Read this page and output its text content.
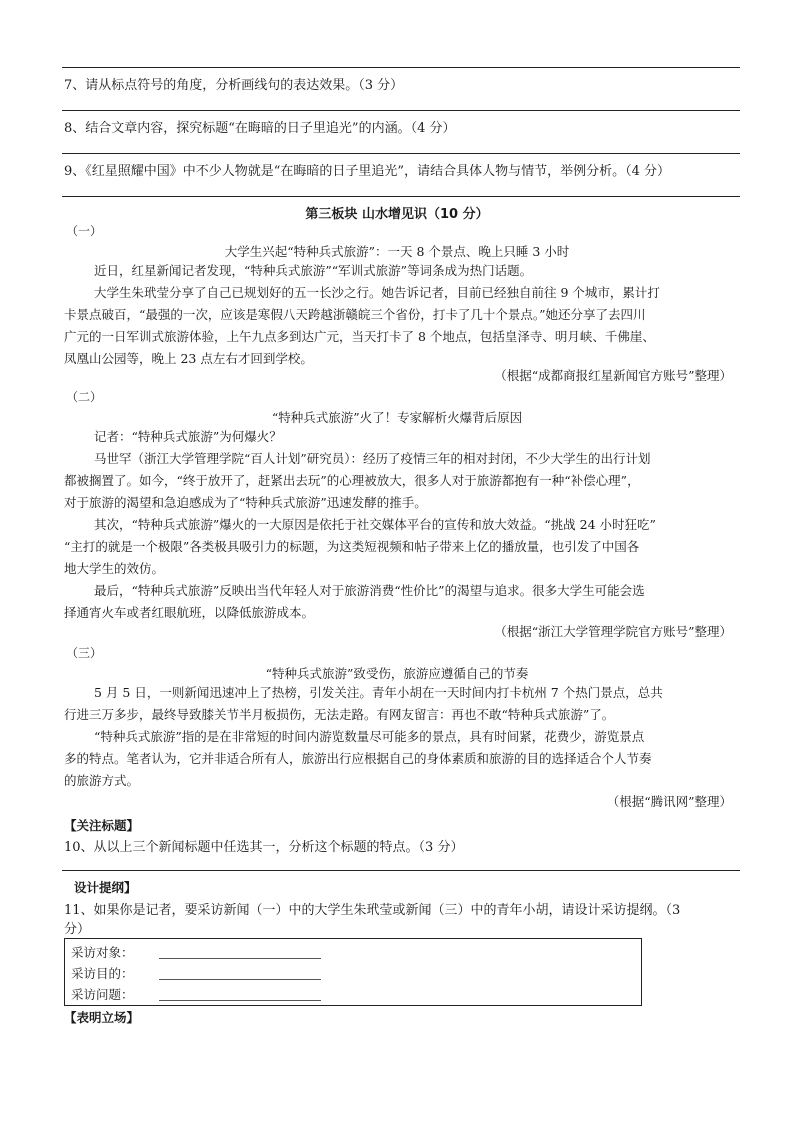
7、请从标点符号的角度，分析画线句的表达效果。（3 分）
8、结合文章内容，探究标题“在晦暗的日子里追光”的内涵。（4 分）
9、《红星照耀中国》中不少人物就是“在晦暗的日子里追光”，请结合具体人物与情节，举例分析。（4 分）
第三板块 山水增见识（10 分）
（一）
大学生兴起“特种兵式旅游”：一天 8 个景点、晚上只睡 3 小时
近日，红星新闻记者发现，“特种兵式旅游”“军训式旅游”等词条成为热门话题。
大学生朱玳莹分享了自己已规划好的五一长沙之行。她告诉记者，目前已经独自前往 9 个城市，累计打
卡景点破百，“最强的一次，应该是寒假八天跨越浙赣皖三个省份，打卡了几十个景点。”她还分享了去四川
广元的一日军训式旅游体验，上午九点多到达广元，当天打卡了 8 个地点，包括皇泽寺、明月峡、千佛崖、
凤凰山公园等，晚上 23 点左右才回到学校。
（根据“成都商报红星新闻官方账号”整理）
（二）
“特种兵式旅游”火了！专家解析火爆背后原因
记者：“特种兵式旅游”为何爆火？
马世罕（浙江大学管理学院“百人计划”研究员）：经历了疫情三年的相对封闭，不少大学生的出行计划
都被搁置了。如今，“终于放开了，赶紧出去玩”的心理被放大，很多人对于旅游都抱有一种“补偿心理”，
对于旅游的渴望和急迫感成为了“特种兵式旅游”迅速发酵的推手。
其次，“特种兵式旅游”爆火的一大原因是依托于社交媒体平台的宣传和放大效益。“挑战 24 小时狂吃”
“主打的就是一个极限”各类极具吸引力的标题，为这类短视频和帖子带来上亿的播放量，也引发了中国各
地大学生的效仿。
最后，“特种兵式旅游”反映出当代年轻人对于旅游消费“性价比”的渴望与追求。很多大学生可能会选
择通宵火车或者红眼航班，以降低旅游成本。
（根据“浙江大学管理学院官方账号”整理）
（三）
“特种兵式旅游”致受伤，旅游应遵循自己的节奏
5 月 5 日，一则新闻迅速冲上了热榜，引发关注。青年小胡在一天时间内打卡杭州 7 个热门景点，总共
行进三万多步，最终导致膝关节半月板损伤，无法走路。有网友留言：再也不敢“特种兵式旅游”了。
“特种兵式旅游”指的是在非常短的时间内游览数量尽可能多的景点，具有时间紧，花费少，游览景点
多的特点。笔者认为，它并非适合所有人，旅游出行应根据自己的身体素质和旅游的目的选择适合个人节奏
的旅游方式。
（根据“腾讯网”整理）
【关注标题】
10、从以上三个新闻标题中任选其一，分析这个标题的特点。（3 分）
设计提纲】
11、如果你是记者，要采访新闻（一）中的大学生朱玳莹或新闻（三）中的青年小胡，请设计采访提纲。（3
分）
采访对象：
采访目的：
采访问题：
【表明立场】
